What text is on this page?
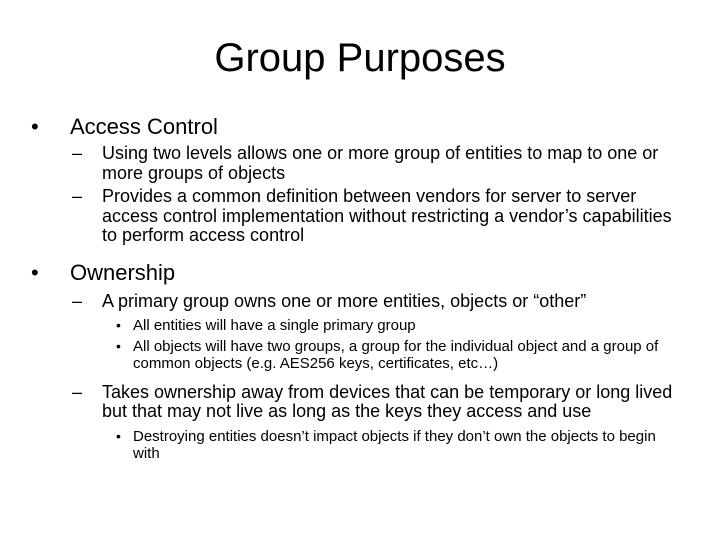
Group Purposes
• Access Control
– Using two levels allows one or more group of entities to map to one or more groups of objects
– Provides a common definition between vendors for server to server access control implementation without restricting a vendor’s capabilities to perform access control
• Ownership
– A primary group owns one or more entities, objects or “other”
• All entities will have a single primary group
• All objects will have two groups, a group for the individual object and a group of common objects (e.g. AES256 keys, certificates, etc…)
– Takes ownership away from devices that can be temporary or long lived but that may not live as long as the keys they access and use
• Destroying entities doesn’t impact objects if they don’t own the objects to begin with
